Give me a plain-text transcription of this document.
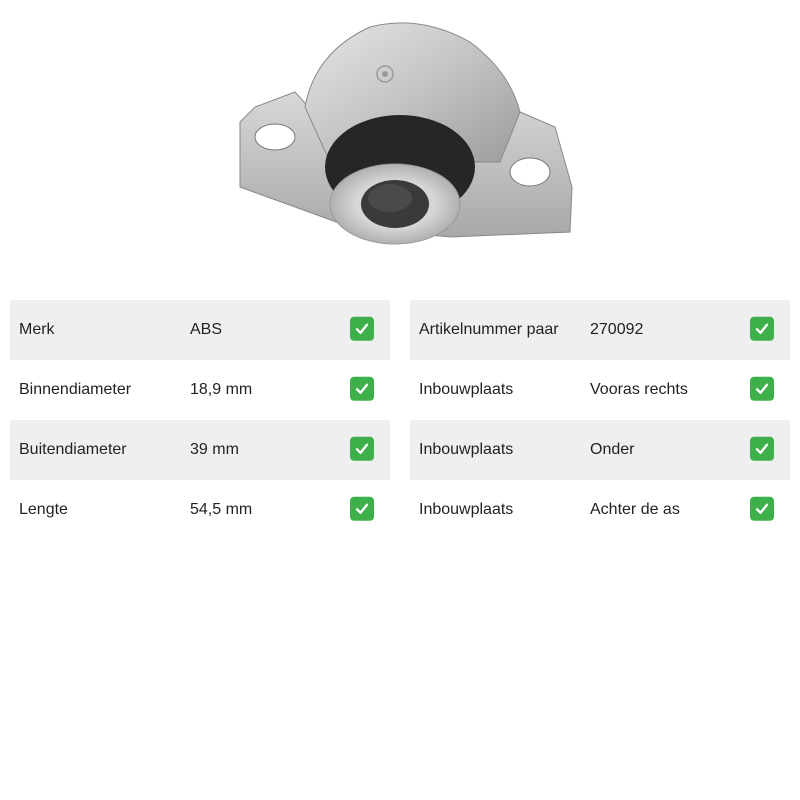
Merk	ABS
Binnendiameter	18,9 mm
Buitendiameter	39 mm
Lengte	54,5 mm
Artikelnummer paar 270092
Inbouwplaats	Vooras rechts
Inbouwplaats	Onder
Inbouwplaats	Achter de as
